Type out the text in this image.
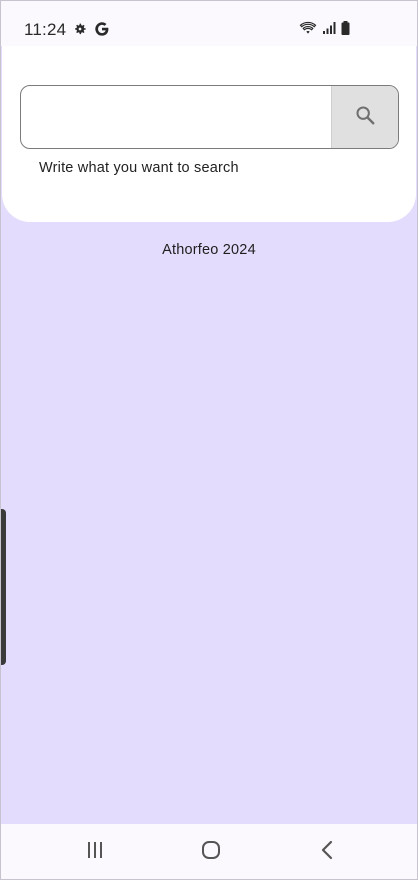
11:24
Write what you want to search
Athorfeo 2024
